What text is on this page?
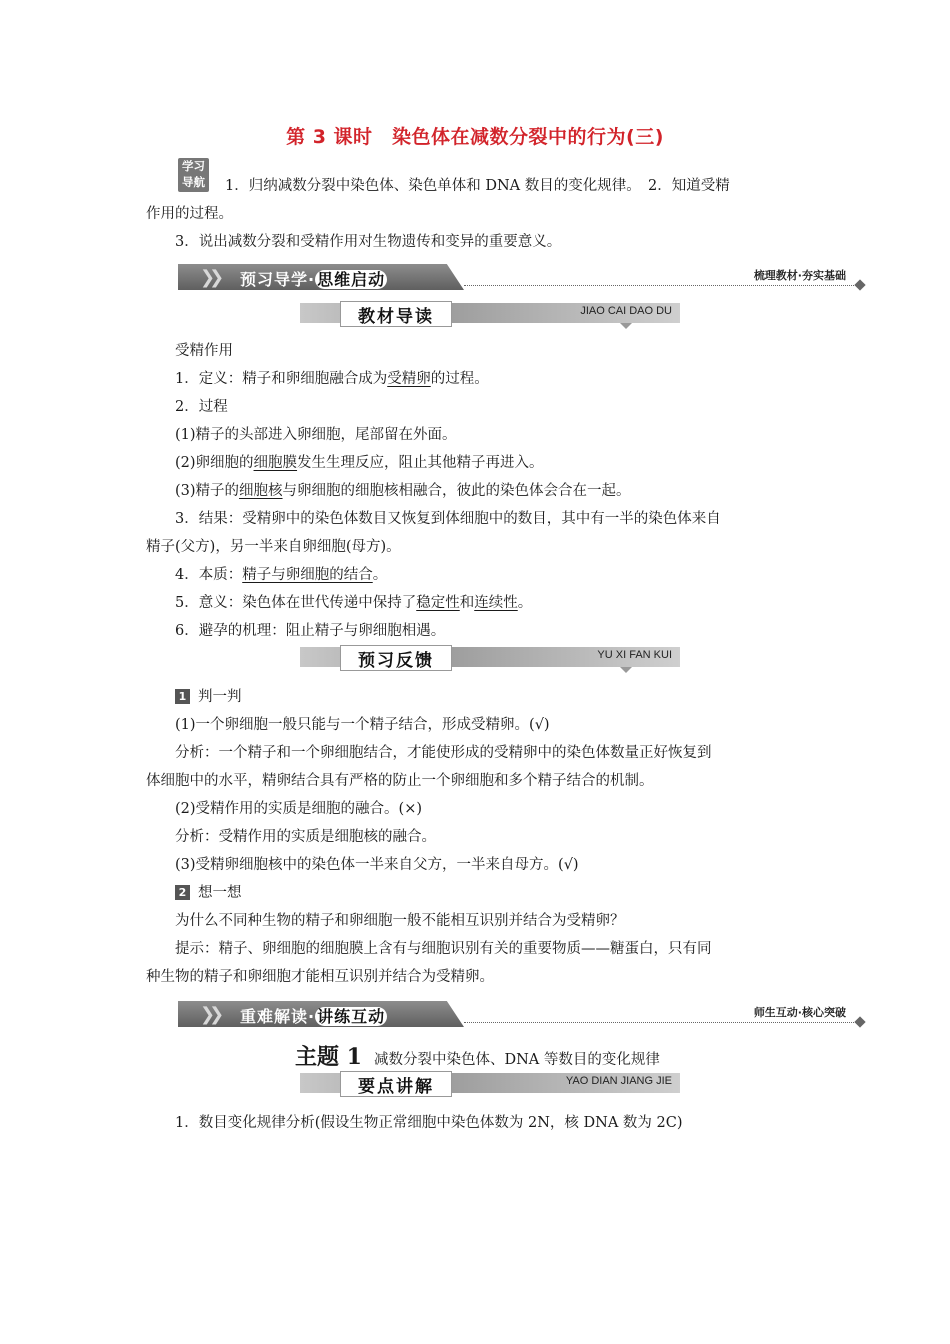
第 3 课时　染色体在减数分裂中的行为(三)
学习
导航 1．归纳减数分裂中染色体、染色单体和 DNA 数目的变化规律。　2．知道受精
作用的过程。
3．说出减数分裂和受精作用对生物遗传和变异的重要意义。
❯❯ 预习导学· 思维启动	梳理教材·夯实基础
教材导读	JIAO CAI DAO DU
受精作用
1．定义：精子和卵细胞融合成为受精卵的过程。
2．过程
(1)精子的头部进入卵细胞，尾部留在外面。
(2)卵细胞的细胞膜发生生理反应，阻止其他精子再进入。
(3)精子的细胞核与卵细胞的细胞核相融合，彼此的染色体会合在一起。
3．结果：受精卵中的染色体数目又恢复到体细胞中的数目，其中有一半的染色体来自
精子(父方)，另一半来自卵细胞(母方)。
4．本质：精子与卵细胞的结合。
5．意义：染色体在世代传递中保持了稳定性和连续性。
6．避孕的机理：阻止精子与卵细胞相遇。
预习反馈	YU XI FAN KUI
1 判一判
(1)一个卵细胞一般只能与一个精子结合，形成受精卵。(√)
分析：一个精子和一个卵细胞结合，才能使形成的受精卵中的染色体数量正好恢复到
体细胞中的水平，精卵结合具有严格的防止一个卵细胞和多个精子结合的机制。
(2)受精作用的实质是细胞的融合。(×)
分析：受精作用的实质是细胞核的融合。
(3)受精卵细胞核中的染色体一半来自父方，一半来自母方。(√)
2 想一想
为什么不同种生物的精子和卵细胞一般不能相互识别并结合为受精卵？
提示：精子、卵细胞的细胞膜上含有与细胞识别有关的重要物质——糖蛋白，只有同
种生物的精子和卵细胞才能相互识别并结合为受精卵。
❯❯ 重难解读· 讲练互动	师生互动·核心突破
主题 1 减数分裂中染色体、DNA 等数目的变化规律
要点讲解	YAO DIAN JIANG JIE
1．数目变化规律分析(假设生物正常细胞中染色体数为 2N，核 DNA 数为 2C)
